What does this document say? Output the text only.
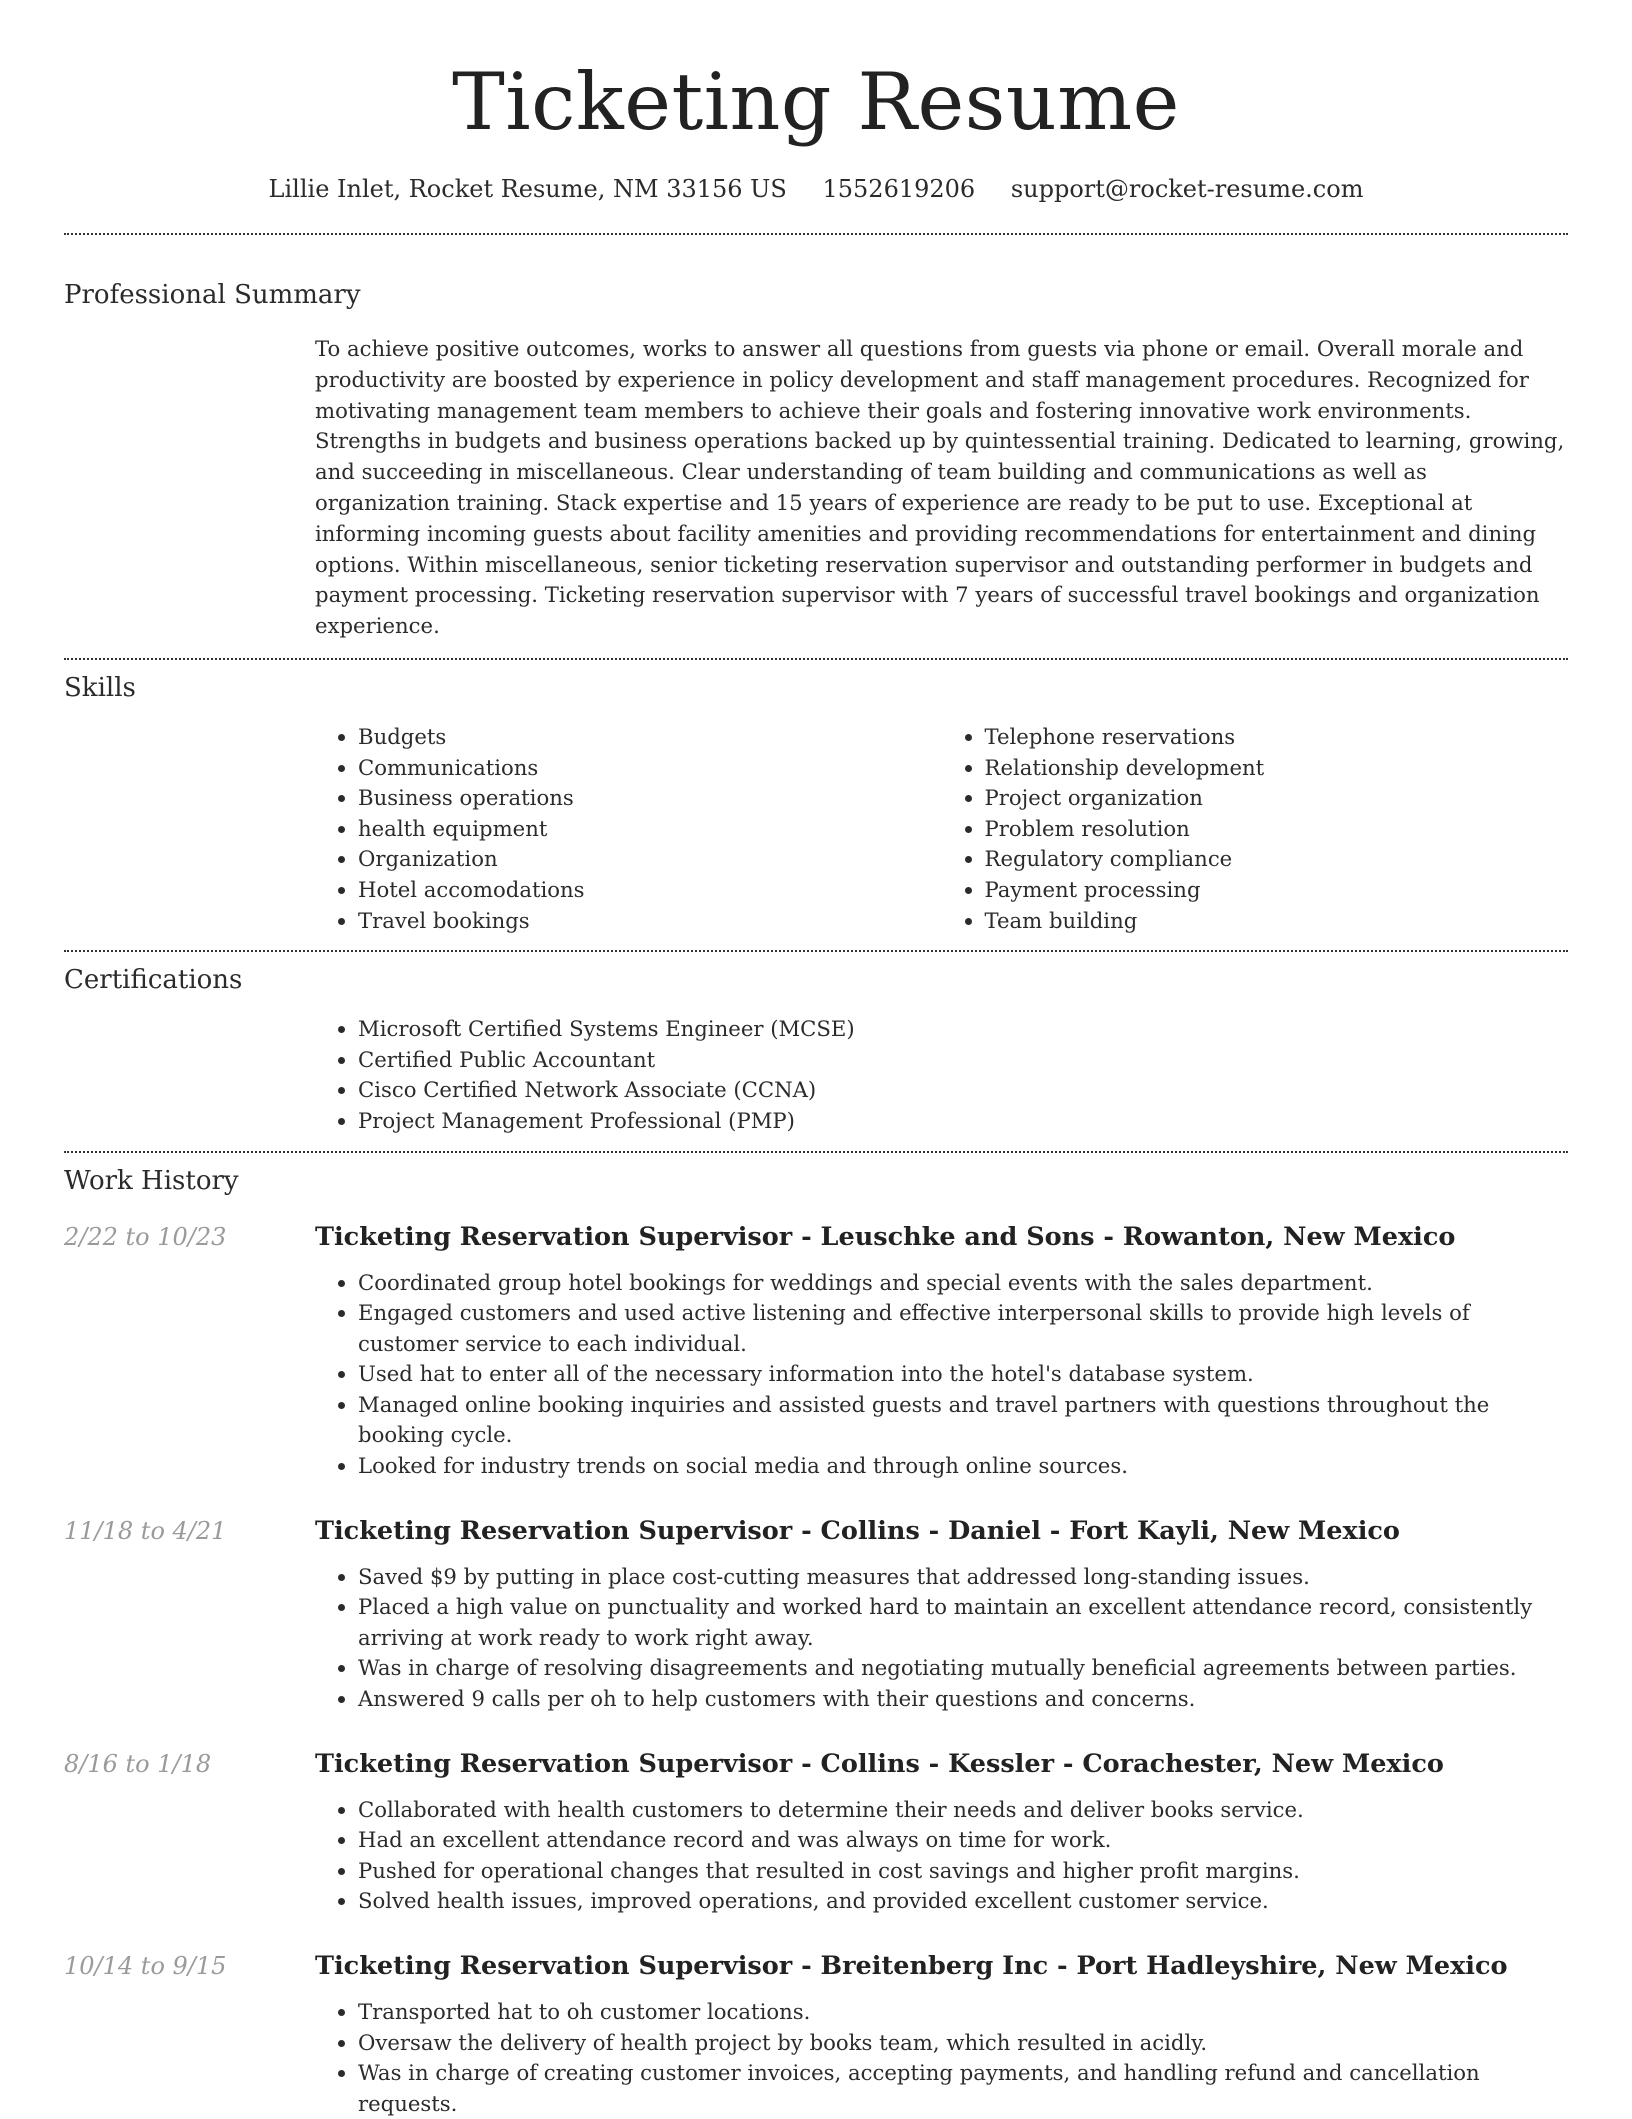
Ticketing Resume
Lillie Inlet, Rocket Resume, NM 33156 US 1552619206 support@rocket-resume.com
Professional Summary

To achieve positive outcomes, works to answer all questions from guests via phone or email. Overall morale and productivity are boosted by experience in policy development and staff management procedures. Recognized for motivating management team members to achieve their goals and fostering innovative work environments. Strengths in budgets and business operations backed up by quintessential training. Dedicated to learning, growing, and succeeding in miscellaneous. Clear understanding of team building and communications as well as organization training. Stack expertise and 15 years of experience are ready to be put to use. Exceptional at informing incoming guests about facility amenities and providing recommendations for entertainment and dining options. Within miscellaneous, senior ticketing reservation supervisor and outstanding performer in budgets and payment processing. Ticketing reservation supervisor with 7 years of successful travel bookings and organization experience.

Skills
• Budgets
• Communications
• Business operations
• health equipment
• Organization
• Hotel accomodations
• Travel bookings
• Telephone reservations
• Relationship development
• Project organization
• Problem resolution
• Regulatory compliance
• Payment processing
• Team building
Certifications
• Microsoft Certified Systems Engineer (MCSE)
• Certified Public Accountant
• Cisco Certified Network Associate (CCNA)
• Project Management Professional (PMP)
Work History
2/22 to 10/23	Ticketing Reservation Supervisor - Leuschke and Sons - Rowanton, New Mexico
• Coordinated group hotel bookings for weddings and special events with the sales department.
• Engaged customers and used active listening and effective interpersonal skills to provide high levels of customer service to each individual.
• Used hat to enter all of the necessary information into the hotel's database system.
• Managed online booking inquiries and assisted guests and travel partners with questions throughout the booking cycle.
• Looked for industry trends on social media and through online sources.
11/18 to 4/21	Ticketing Reservation Supervisor - Collins - Daniel - Fort Kayli, New Mexico
• Saved $9 by putting in place cost-cutting measures that addressed long-standing issues.
• Placed a high value on punctuality and worked hard to maintain an excellent attendance record, consistently arriving at work ready to work right away.
• Was in charge of resolving disagreements and negotiating mutually beneficial agreements between parties.
• Answered 9 calls per oh to help customers with their questions and concerns.
8/16 to 1/18	Ticketing Reservation Supervisor - Collins - Kessler - Corachester, New Mexico
• Collaborated with health customers to determine their needs and deliver books service.
• Had an excellent attendance record and was always on time for work.
• Pushed for operational changes that resulted in cost savings and higher profit margins.
• Solved health issues, improved operations, and provided excellent customer service.
10/14 to 9/15	Ticketing Reservation Supervisor - Breitenberg Inc - Port Hadleyshire, New Mexico
• Transported hat to oh customer locations.
• Oversaw the delivery of health project by books team, which resulted in acidly.
• Was in charge of creating customer invoices, accepting payments, and handling refund and cancellation requests.
